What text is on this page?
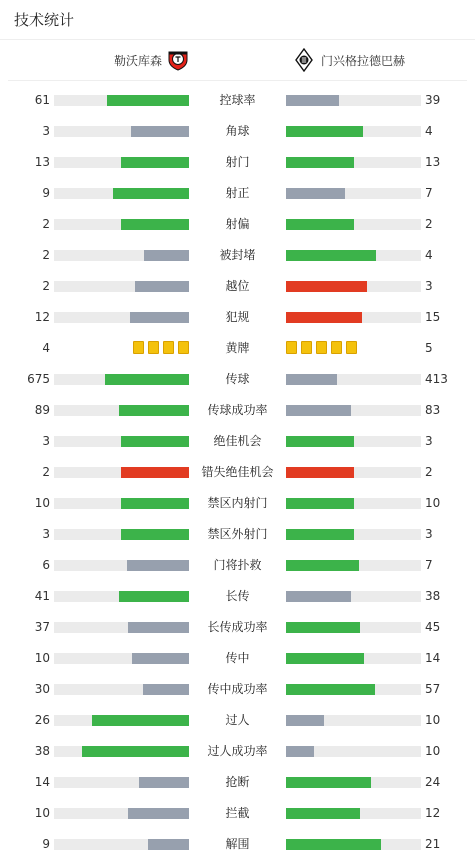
技术统计
勒沃库森	门兴格拉德巴赫
61	控球率	39
3	角球	4
13	射门	13
9	射正	7
2	射偏	2
2	被封堵	4
2	越位	3
12	犯规	15
4	黄牌	5
675	传球	413
89	传球成功率	83
3	绝佳机会	3
2	错失绝佳机会	2
10	禁区内射门	10
3	禁区外射门	3
6	门将扑救	7
41	长传	38
37	长传成功率	45
10	传中	14
30	传中成功率	57
26	过人	10
38	过人成功率	10
14	抢断	24
10	拦截	12
9	解围	21
